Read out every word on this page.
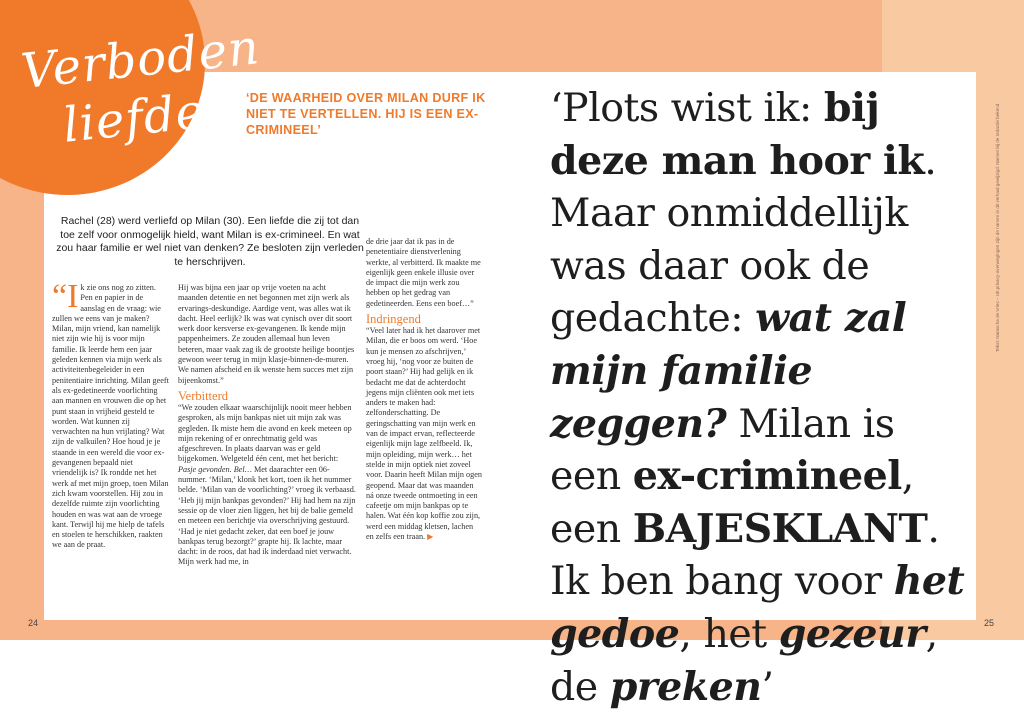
Verboden
liefde	‘DE WAARHEID OVER MILAN DURF IK NIET TE VERTELLEN. HIJ IS EEN EX-CRIMINEEL’
Rachel (28) werd verliefd op Milan (30). Een liefde die zij tot dan toe zelf voor onmogelijk hield, want Milan is ex-crimineel. En wat zou haar familie er wel niet van denken? Ze besloten zijn verleden te herschrijven.

“Ik zie ons nog zo zitten. Pen en papier in de aanslag en de vraag: wie zullen we eens van je maken? Milan, mijn vriend, kan namelijk niet zijn wie hij is voor mijn familie. Ik leerde hem een jaar geleden kennen via mijn werk als activiteitenbegeleider in een penitentiaire inrichting. Milan geeft als ex-gedetineerde voorlichting aan mannen en vrouwen die op het punt staan in vrijheid gesteld te worden. Wat kunnen zij verwachten na hun vrijlating? Wat zijn de valkuilen? Hoe houd je je staande in een wereld die voor ex-gevangenen bepaald niet vriendelijk is? Ik rondde net het werk af met mijn groep, toen Milan zich kwam voorstellen. Hij zou in dezelfde ruimte zijn voorlichting houden en was wat aan de vroege kant. Terwijl hij me hielp de tafels en stoelen te herschikken, raakten we aan de praat.

Hij was bijna een jaar op vrije voeten na acht maanden detentie en net begonnen met zijn werk als ervarings-deskundige. Aardige vent, was alles wat ik dacht. Heel eerlijk? Ik was wat cynisch over dit soort werk door kersverse ex-gevangenen. Ik kende mijn pappenheimers. Ze zouden allemaal hun leven beteren, maar vaak zag ik de grootste heilige boontjes gewoon weer terug in mijn klasje-binnen-de-muren. We namen afscheid en ik wenste hem succes met zijn bijeenkomst.”

Verbitterd

“We zouden elkaar waarschijnlijk nooit meer hebben gesproken, als mijn bankpas niet uit mijn zak was gegleden. Ik miste hem die avond en keek meteen op mijn rekening of er onrechtmatig geld was afgeschreven. In plaats daarvan was er geld bijgekomen. Welgeteld één cent, met het bericht: Pasje gevonden. Bel… Met daarachter een 06-nummer. ‘Milan,’ klonk het kort, toen ik het nummer belde. ‘Milan van de voorlichting?’ vroeg ik verbaasd. ‘Heb jij mijn bankpas gevonden?’ Hij had hem na zijn sessie op de vloer zien liggen, het bij de balie gemeld en meteen een berichtje via overschrijving gestuurd. ‘Had je niet gedacht zeker, dat een boef je jouw bankpas terug bezorgt?’ grapte hij. Ik lachte, maar dacht: in de roos, dat had ik inderdaad niet verwacht. Mijn werk had me, in

de drie jaar dat ik pas in de penetentiaire dienstverlening werkte, al verbitterd. Ik maakte me eigenlijk geen enkele illusie over de impact die mijn werk zou hebben op het gedrag van gedetineerden. Eens een boef…”

Indringend

“Veel later had ik het daarover met Milan, die er boos om werd. ‘Hoe kun je mensen zo afschrijven,’ vroeg hij, ‘nog voor ze buiten de poort staan?’ Hij had gelijk en ik bedacht me dat de achterdocht jegens mijn cliënten ook met iets anders te maken had: zelfonderschatting. De geringschatting van mijn werk en van de impact ervan, reflecteerde eigenlijk mijn lage zelfbeeld. Ik, mijn opleiding, mijn werk… het stelde in mijn optiek niet zoveel voor. Daarin heeft Milan mijn ogen geopend. Maar dat was maanden ná onze tweede ontmoeting in een cafeetje om mijn bankpas op te halen. Wat één kop koffie zou zijn, werd een middag kletsen, lachen en zelfs een traan. ▶

‘Plots wist ik: bij deze man hoor ik. Maar onmiddellijk was daar ook de gedachte: wat zal mijn familie zeggen? Milan is een ex-crimineel, een BAJESKLANT. Ik ben bang voor het gedoe, het gezeur, de preken’
Tekst: Natascha de Vries – Uit privacy-overwegingen zijn de namen in dit verhaal gewijzigd. Namen bij de redactie bekend
24	25
